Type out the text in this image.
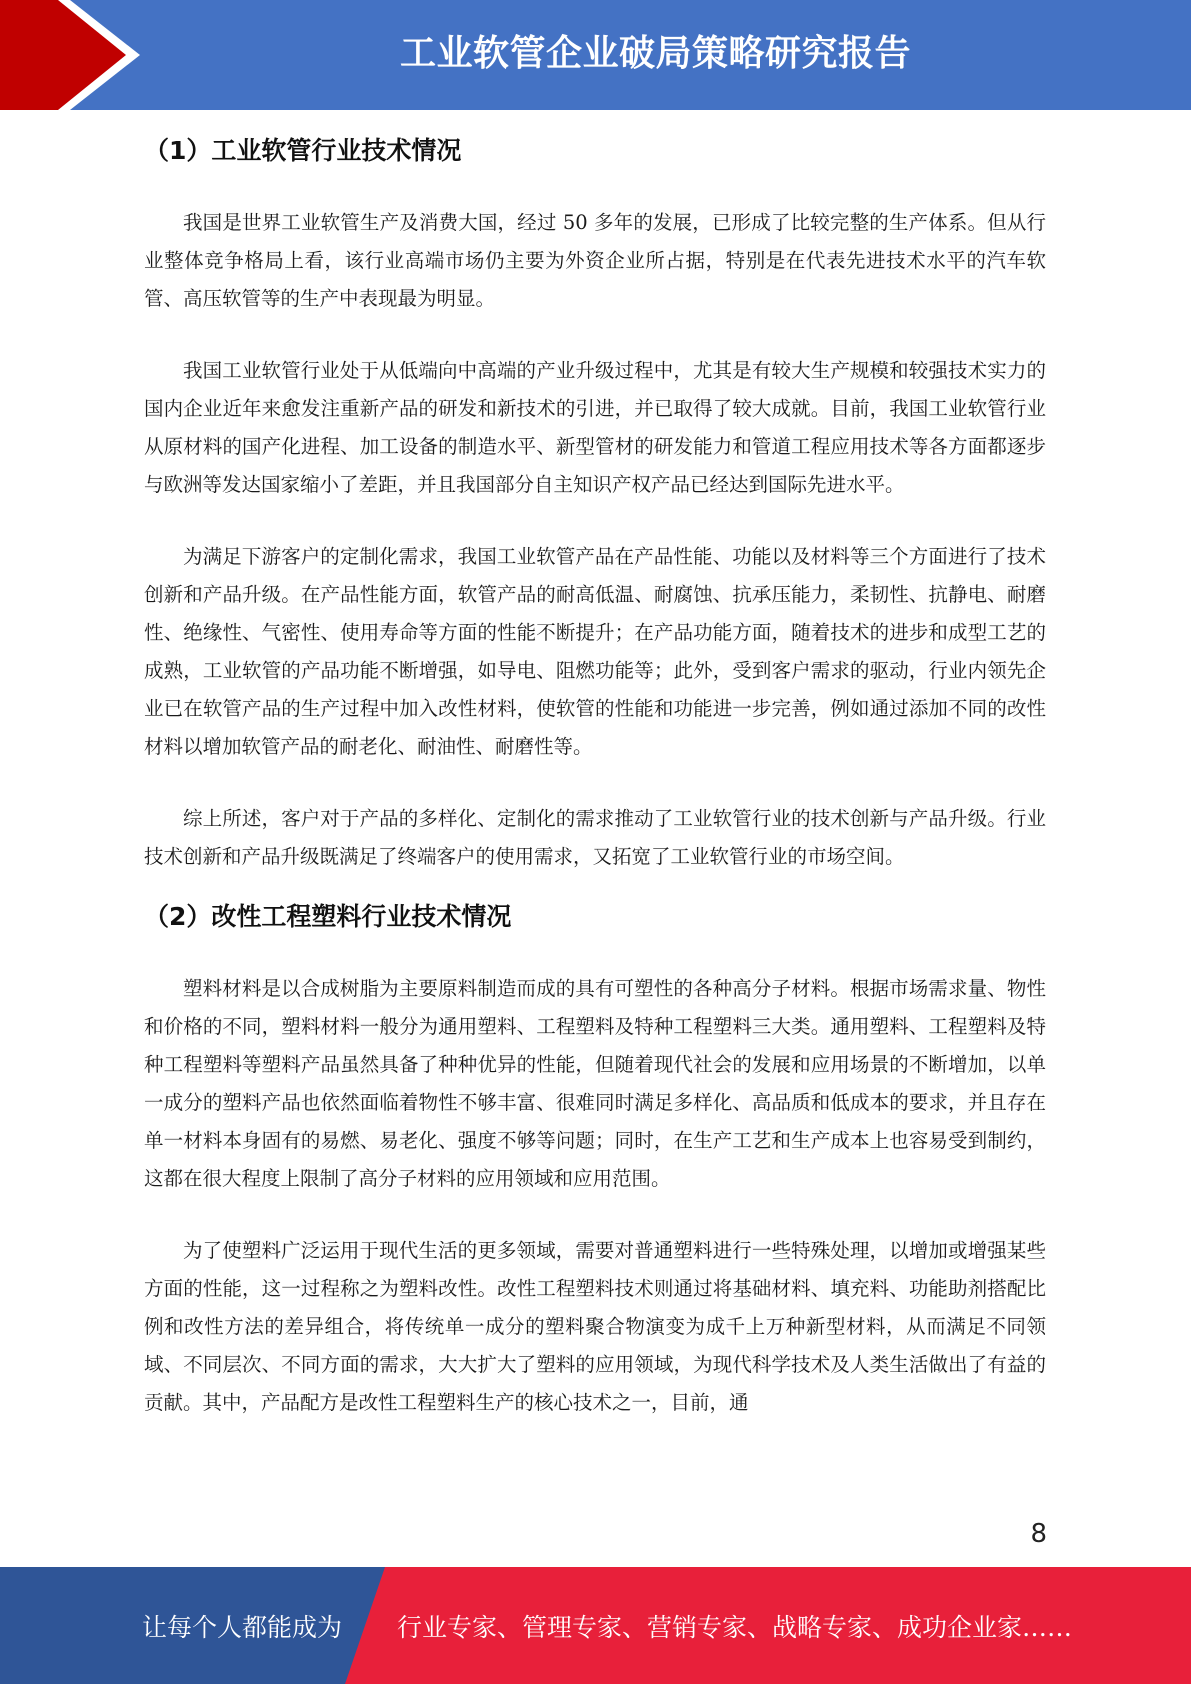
工业软管企业破局策略研究报告
（1）工业软管行业技术情况

我国是世界工业软管生产及消费大国，经过 50 多年的发展，已形成了比较完整的生产体系。但从行业整体竞争格局上看，该行业高端市场仍主要为外资企业所占据，特别是在代表先进技术水平的汽车软管、高压软管等的生产中表现最为明显。

我国工业软管行业处于从低端向中高端的产业升级过程中，尤其是有较大生产规模和较强技术实力的国内企业近年来愈发注重新产品的研发和新技术的引进，并已取得了较大成就。目前，我国工业软管行业从原材料的国产化进程、加工设备的制造水平、新型管材的研发能力和管道工程应用技术等各方面都逐步与欧洲等发达国家缩小了差距，并且我国部分自主知识产权产品已经达到国际先进水平。

为满足下游客户的定制化需求，我国工业软管产品在产品性能、功能以及材料等三个方面进行了技术创新和产品升级。在产品性能方面，软管产品的耐高低温、耐腐蚀、抗承压能力，柔韧性、抗静电、耐磨性、绝缘性、气密性、使用寿命等方面的性能不断提升；在产品功能方面，随着技术的进步和成型工艺的成熟，工业软管的产品功能不断增强，如导电、阻燃功能等；此外，受到客户需求的驱动，行业内领先企业已在软管产品的生产过程中加入改性材料，使软管的性能和功能进一步完善，例如通过添加不同的改性材料以增加软管产品的耐老化、耐油性、耐磨性等。

综上所述，客户对于产品的多样化、定制化的需求推动了工业软管行业的技术创新与产品升级。行业技术创新和产品升级既满足了终端客户的使用需求，又拓宽了工业软管行业的市场空间。

（2）改性工程塑料行业技术情况

塑料材料是以合成树脂为主要原料制造而成的具有可塑性的各种高分子材料。根据市场需求量、物性和价格的不同，塑料材料一般分为通用塑料、工程塑料及特种工程塑料三大类。通用塑料、工程塑料及特种工程塑料等塑料产品虽然具备了种种优异的性能，但随着现代社会的发展和应用场景的不断增加，以单一成分的塑料产品也依然面临着物性不够丰富、很难同时满足多样化、高品质和低成本的要求，并且存在单一材料本身固有的易燃、易老化、强度不够等问题；同时，在生产工艺和生产成本上也容易受到制约，这都在很大程度上限制了高分子材料的应用领域和应用范围。

为了使塑料广泛运用于现代生活的更多领域，需要对普通塑料进行一些特殊处理，以增加或增强某些方面的性能，这一过程称之为塑料改性。改性工程塑料技术则通过将基础材料、填充料、功能助剂搭配比例和改性方法的差异组合，将传统单一成分的塑料聚合物演变为成千上万种新型材料，从而满足不同领域、不同层次、不同方面的需求，大大扩大了塑料的应用领域，为现代科学技术及人类生活做出了有益的贡献。其中，产品配方是改性工程塑料生产的核心技术之一，目前，通

8
让每个人都能成为 行业专家、管理专家、营销专家、战略专家、成功企业家……
